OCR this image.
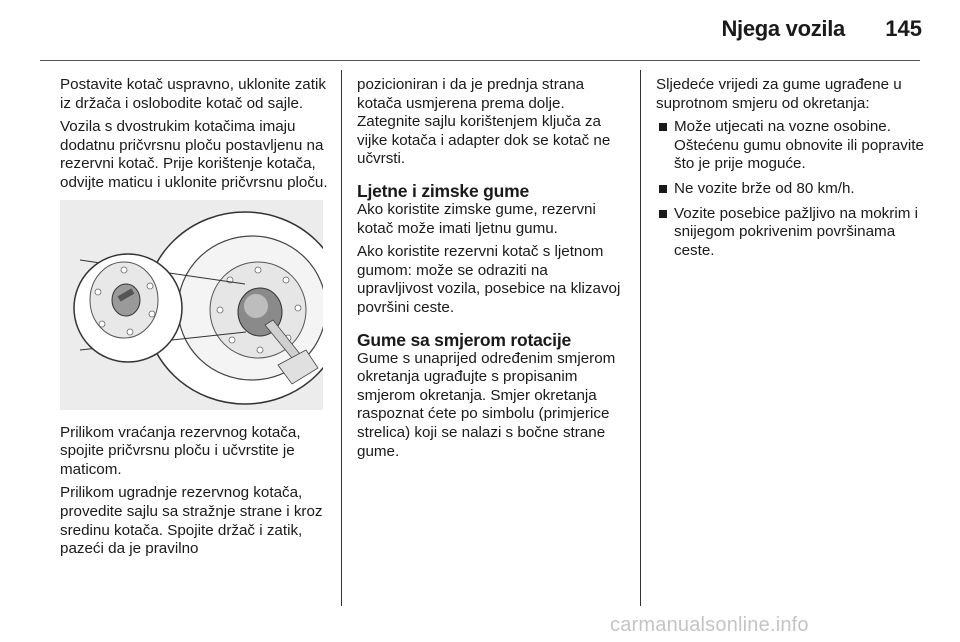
Njega vozila 145

Postavite kotač uspravno, uklonite zatik iz držača i oslobodite kotač od sajle.

Vozila s dvostrukim kotačima imaju dodatnu pričvrsnu ploču postavljenu na rezervni kotač. Prije korištenje kotača, odvijte maticu i uklonite pričvrsnu ploču.

Prilikom vraćanja rezervnog kotača, spojite pričvrsnu ploču i učvrstite je maticom.

Prilikom ugradnje rezervnog kotača, provedite sajlu sa stražnje strane i kroz sredinu kotača. Spojite držač i zatik, pazeći da je pravilno

pozicioniran i da je prednja strana kotača usmjerena prema dolje. Zategnite sajlu korištenjem ključa za vijke kotača i adapter dok se kotač ne učvrsti.

Ljetne i zimske gume

Ako koristite zimske gume, rezervni kotač može imati ljetnu gumu.

Ako koristite rezervni kotač s ljetnom gumom: može se odraziti na upravljivost vozila, posebice na klizavoj površini ceste.

Gume sa smjerom rotacije

Gume s unaprijed određenim smjerom okretanja ugrađujte s propisanim smjerom okretanja. Smjer okretanja raspoznat ćete po simbolu (primjerice strelica) koji se nalazi s bočne strane gume.

Sljedeće vrijedi za gume ugrađene u suprotnom smjeru od okretanja:

Može utjecati na vozne osobine. Oštećenu gumu obnovite ili popravite što je prije moguće.
Ne vozite brže od 80 km/h.
Vozite posebice pažljivo na mokrim i snijegom pokrivenim površinama ceste.
carmanualsonline.info
